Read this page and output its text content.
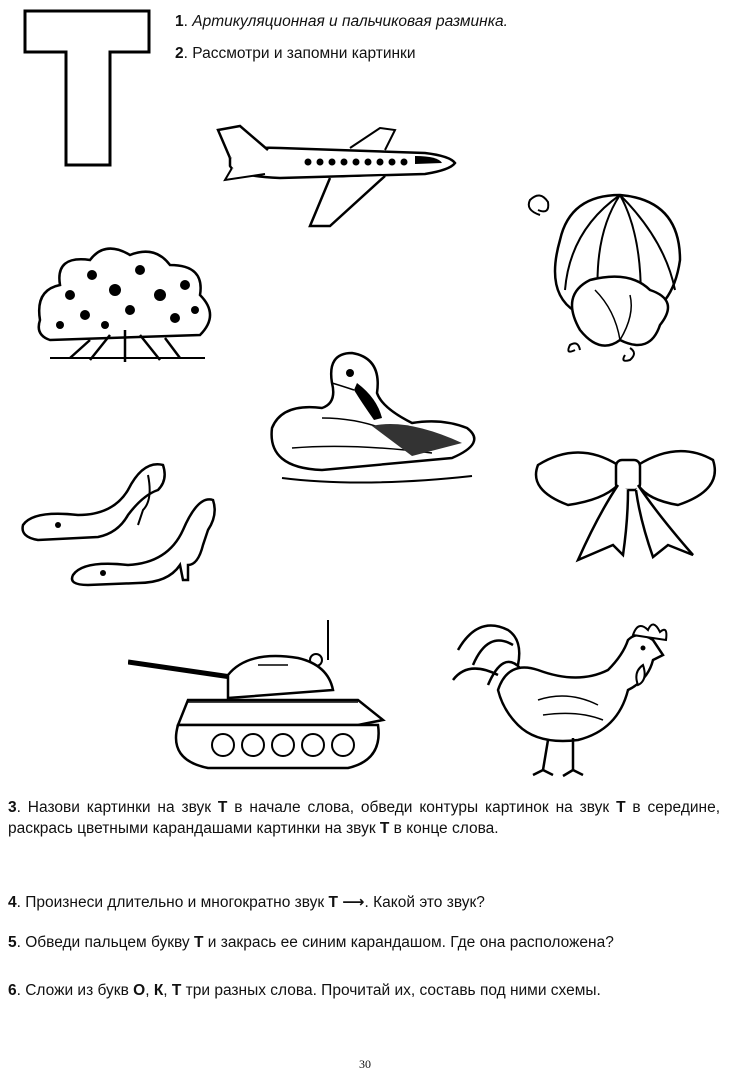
1. Артикуляционная и пальчиковая разминка.
2. Рассмотри и запомни картинки
3. Назови картинки на звук Т в начале слова, обведи контуры картинок на звук Т в середине, раскрась цветными карандашами картинки на звук Т в конце слова.
4. Произнеси длительно и многократно звук Т ⟶. Какой это звук?
5. Обведи пальцем букву Т и закрась ее синим карандашом. Где она расположена?
6. Сложи из букв О, К, Т три разных слова. Прочитай их, составь под ними схемы.
30
